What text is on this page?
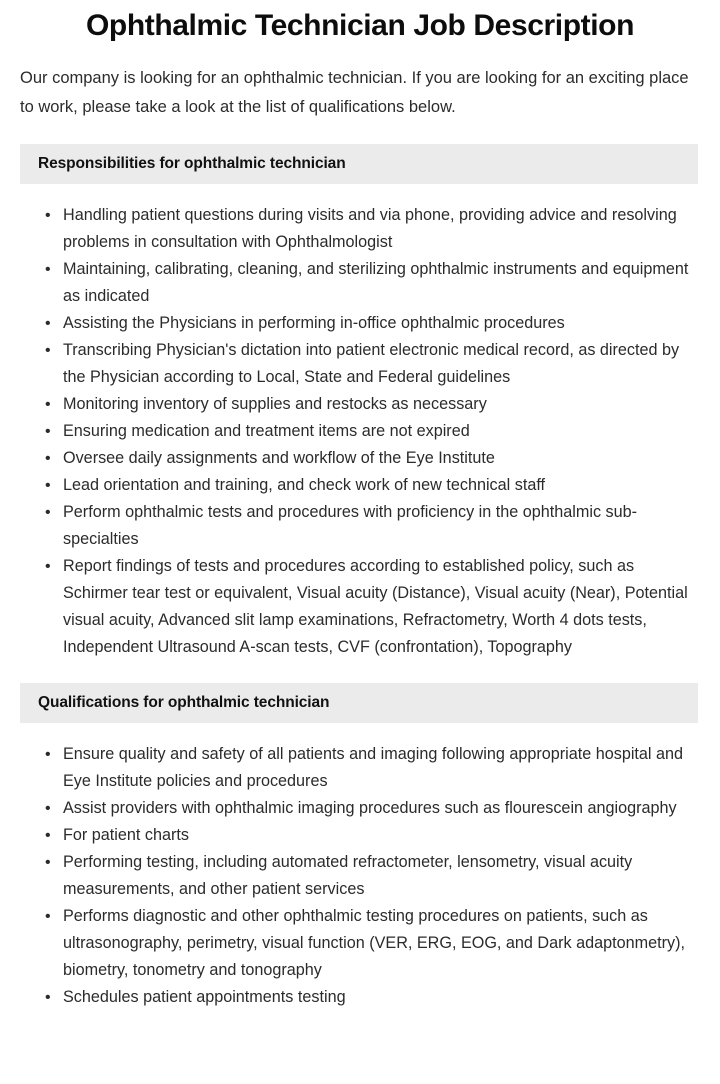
Ophthalmic Technician Job Description

Our company is looking for an ophthalmic technician. If you are looking for an exciting place to work, please take a look at the list of qualifications below.

Responsibilities for ophthalmic technician
• Handling patient questions during visits and via phone, providing advice and resolving problems in consultation with Ophthalmologist
• Maintaining, calibrating, cleaning, and sterilizing ophthalmic instruments and equipment as indicated
• Assisting the Physicians in performing in-office ophthalmic procedures
• Transcribing Physician's dictation into patient electronic medical record, as directed by the Physician according to Local, State and Federal guidelines
• Monitoring inventory of supplies and restocks as necessary
• Ensuring medication and treatment items are not expired
• Oversee daily assignments and workflow of the Eye Institute
• Lead orientation and training, and check work of new technical staff
• Perform ophthalmic tests and procedures with proficiency in the ophthalmic sub-specialties
• Report findings of tests and procedures according to established policy, such as Schirmer tear test or equivalent, Visual acuity (Distance), Visual acuity (Near), Potential visual acuity, Advanced slit lamp examinations, Refractometry, Worth 4 dots tests, Independent Ultrasound A-scan tests, CVF (confrontation), Topography
Qualifications for ophthalmic technician
• Ensure quality and safety of all patients and imaging following appropriate hospital and Eye Institute policies and procedures
• Assist providers with ophthalmic imaging procedures such as flourescein angiography
• For patient charts
• Performing testing, including automated refractometer, lensometry, visual acuity measurements, and other patient services
• Performs diagnostic and other ophthalmic testing procedures on patients, such as ultrasonography, perimetry, visual function (VER, ERG, EOG, and Dark adaptonmetry), biometry, tonometry and tonography
• Schedules patient appointments testing
